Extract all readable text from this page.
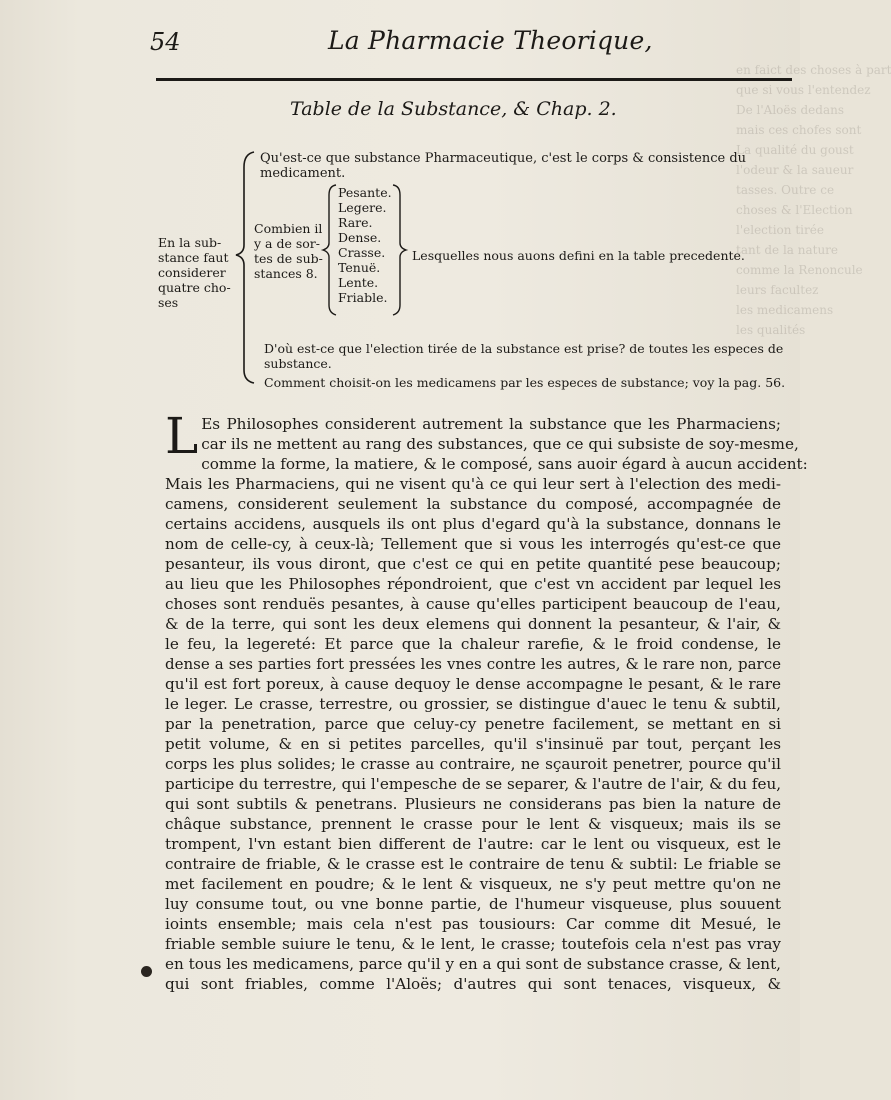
en faict des choses à part
que si vous l'entendez
De l'Aloës dedans
mais ces chofes sont
La qualité du goust
l'odeur & la saueur
tasses. Outre ce
choses & l'Election
l'election tirée
tant de la nature
comme la Renoncule
leurs facultez
les medicamens
les qualités
54	La Pharmacie Theorique,
Table de la Substance, & Chap. 2.
En la sub-
stance faut
considerer
quatre cho-
ses
Qu'est-ce que substance Pharmaceutique, c'est le corps & consistence du
medicament.
Combien il
y a de sor-
tes de sub-
stances 8.
Pesante.
Legere.
Rare.
Dense.
Crasse.
Tenuë.
Lente.
Friable.
Lesquelles nous auons defini en la table precedente.
D'où est-ce que l'election tirée de la substance est prise? de toutes les especes de
substance.
Comment choisit-on les medicamens par les especes de substance; voy la pag. 56.
L Es Philosophes considerent autrement la substance que les Pharmaciens;
car ils ne mettent au rang des substances, que ce qui subsiste de soy-mesme,
comme la forme, la matiere, & le composé, sans auoir égard à aucun accident:
Mais les Pharmaciens, qui ne visent qu'à ce qui leur sert à l'election des medi-
camens, considerent seulement la substance du composé, accompagnée de
certains accidens, ausquels ils ont plus d'egard qu'à la substance, donnans le
nom de celle-cy, à ceux-là; Tellement que si vous les interrogés qu'est-ce que
pesanteur, ils vous diront, que c'est ce qui en petite quantité pese beaucoup;
au lieu que les Philosophes répondroient, que c'est vn accident par lequel les
choses sont renduës pesantes, à cause qu'elles participent beaucoup de l'eau,
& de la terre, qui sont les deux elemens qui donnent la pesanteur, & l'air, &
le feu, la legereté: Et parce que la chaleur rarefie, & le froid condense, le
dense a ses parties fort pressées les vnes contre les autres, & le rare non, parce
qu'il est fort poreux, à cause dequoy le dense accompagne le pesant, & le rare
le leger. Le crasse, terrestre, ou grossier, se distingue d'auec le tenu & subtil,
par la penetration, parce que celuy-cy penetre facilement, se mettant en si
petit volume, & en si petites parcelles, qu'il s'insinuë par tout, perçant les
corps les plus solides; le crasse au contraire, ne sçauroit penetrer, pource qu'il
participe du terrestre, qui l'empesche de se separer, & l'autre de l'air, & du feu,
qui sont subtils & penetrans. Plusieurs ne considerans pas bien la nature de
châque substance, prennent le crasse pour le lent & visqueux; mais ils se
trompent, l'vn estant bien different de l'autre: car le lent ou visqueux, est le
contraire de friable, & le crasse est le contraire de tenu & subtil: Le friable se
met facilement en poudre; & le lent & visqueux, ne s'y peut mettre qu'on ne
luy consume tout, ou vne bonne partie, de l'humeur visqueuse, plus souuent
ioints ensemble; mais cela n'est pas tousiours: Car comme dit Mesué, le
friable semble suiure le tenu, & le lent, le crasse; toutefois cela n'est pas vray
en tous les medicamens, parce qu'il y en a qui sont de substance crasse, & lent,
qui sont friables, comme l'Aloës; d'autres qui sont tenaces, visqueux, &
